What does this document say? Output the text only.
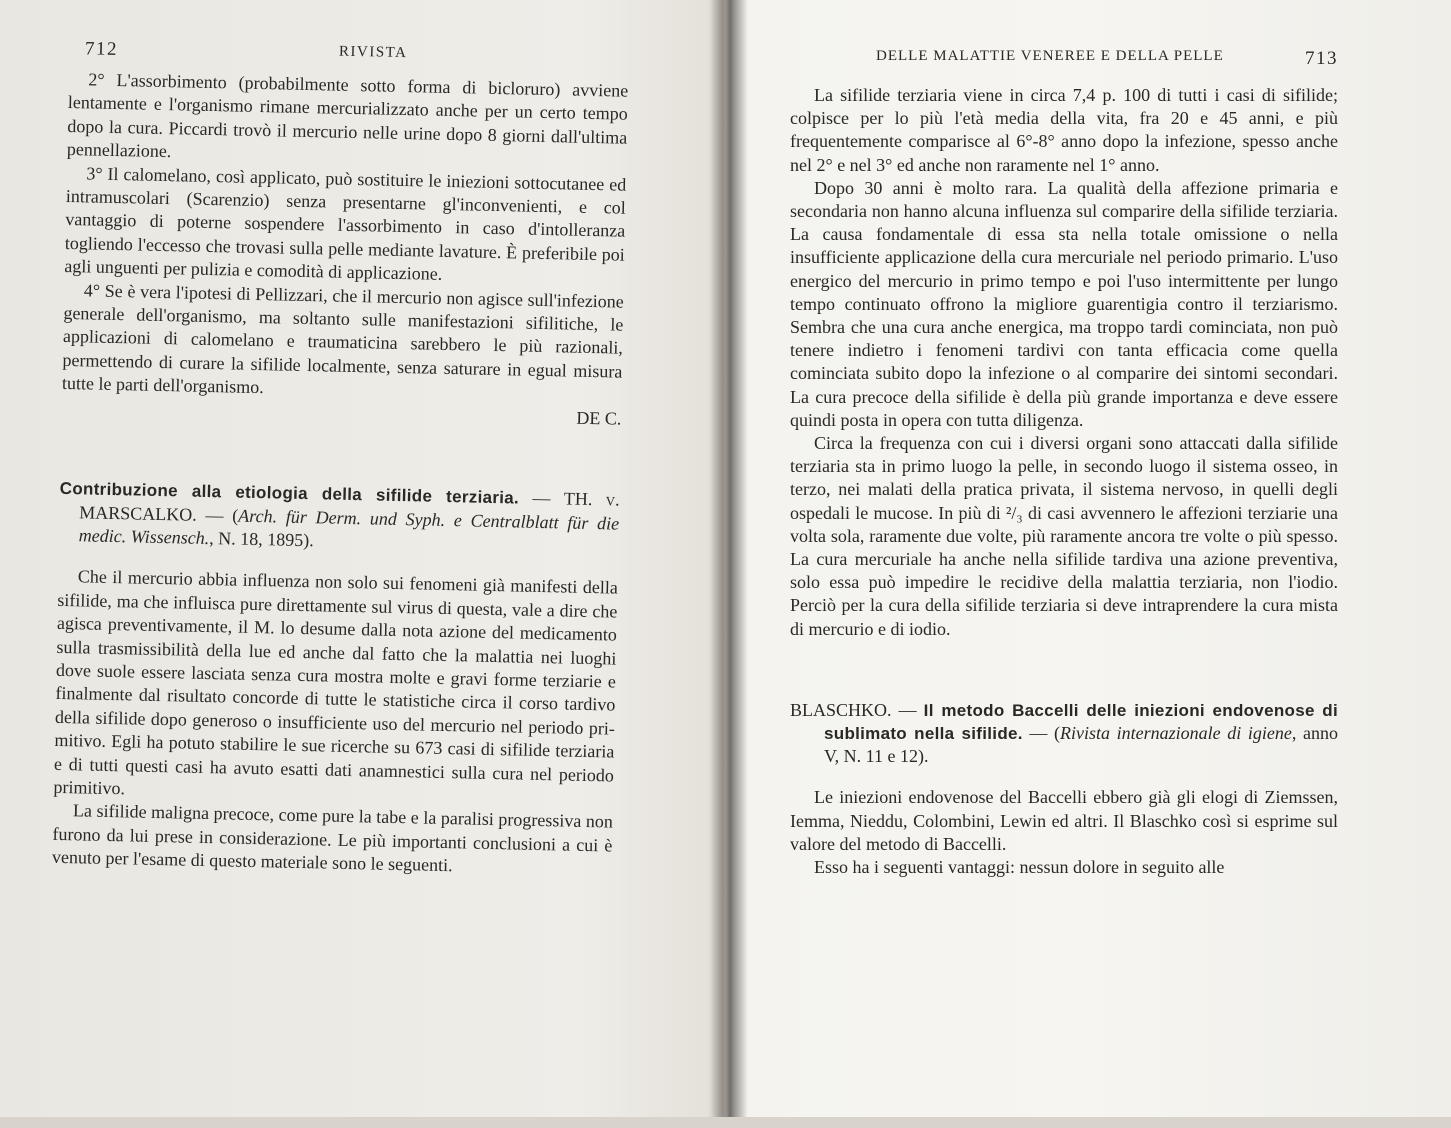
712	RIVISTA

2° L'assorbimento (probabilmente sotto forma di bicloruro) avviene lentamente e l'organismo rimane mercurializzato anche per un certo tempo dopo la cura. Piccardi trovò il mercurio nelle urine dopo 8 giorni dall'ultima pennellazione.

3° Il calomelano, così applicato, può sostituire le iniezioni sottocutanee ed intramuscolari (Scarenzio) senza presentarne gl'inconvenienti, e col vantaggio di poterne sospendere l'assorbimento in caso d'intolleranza togliendo l'eccesso che trovasi sulla pelle mediante lavature. È preferibile poi agli unguenti per pulizia e comodità di applicazione.

4° Se è vera l'ipotesi di Pellizzari, che il mercurio non agisce sull'infezione generale dell'organismo, ma soltanto sulle manifestazioni sifilitiche, le applicazioni di calomelano e traumaticina sarebbero le più razionali, permettendo di curare la sifilide localmente, senza saturare in egual misura tutte le parti dell'organismo.

DE C.

Contribuzione alla etiologia della sifilide terziaria. — TH. v. MARSCALKO. — (Arch. für Derm. und Syph. e Centralblatt für die medic. Wissensch., N. 18, 1895).

Che il mercurio abbia influenza non solo sui fenomeni già manifesti della sifilide, ma che influisca pure direttamente sul virus di questa, vale a dire che agisca preventivamente, il M. lo desume dalla nota azione del medicamento sulla trasmissibilità della lue ed anche dal fatto che la malattia nei luoghi dove suole essere lasciata senza cura mostra molte e gravi forme terziarie e finalmente dal risultato concorde di tutte le statistiche circa il corso tardivo della sifilide dopo generoso o insufficiente uso del mercurio nel periodo primitivo. Egli ha potuto stabilire le sue ricerche su 673 casi di sifilide terziaria e di tutti questi casi ha avuto esatti dati anamnestici sulla cura nel periodo primitivo.

La sifilide maligna precoce, come pure la tabe e la paralisi progressiva non furono da lui prese in considerazione. Le più importanti conclusioni a cui è venuto per l'esame di questo materiale sono le seguenti.

DELLE MALATTIE VENEREE E DELLA PELLE	713

La sifilide terziaria viene in circa 7,4 p. 100 di tutti i casi di sifilide; colpisce per lo più l'età media della vita, fra 20 e 45 anni, e più frequentemente comparisce al 6°-8° anno dopo la infezione, spesso anche nel 2° e nel 3° ed anche non raramente nel 1° anno.

Dopo 30 anni è molto rara. La qualità della affezione primaria e secondaria non hanno alcuna influenza sul comparire della sifilide terziaria. La causa fondamentale di essa sta nella totale omissione o nella insufficiente applicazione della cura mercuriale nel periodo primario. L'uso energico del mercurio in primo tempo e poi l'uso intermittente per lungo tempo continuato offrono la migliore guarentigia contro il terziarismo. Sembra che una cura anche energica, ma troppo tardi cominciata, non può tenere indietro i fenomeni tardivi con tanta efficacia come quella cominciata subito dopo la infezione o al comparire dei sintomi secondari. La cura precoce della sifilide è della più grande importanza e deve essere quindi posta in opera con tutta diligenza.

Circa la frequenza con cui i diversi organi sono attaccati dalla sifilide terziaria sta in primo luogo la pelle, in secondo luogo il sistema osseo, in terzo, nei malati della pratica privata, il sistema nervoso, in quelli degli ospedali le mucose. In più di ²/₃ di casi avvennero le affezioni terziarie una volta sola, raramente due volte, più raramente ancora tre volte o più spesso. La cura mercuriale ha anche nella sifilide tardiva una azione preventiva, solo essa può impedire le recidive della malattia terziaria, non l'iodio. Perciò per la cura della sifilide terziaria si deve intraprendere la cura mista di mercurio e di iodio.

BLASCHKO. — Il metodo Baccelli delle iniezioni endovenose di sublimato nella sifilide. — (Rivista internazionale di igiene, anno V, N. 11 e 12).

Le iniezioni endovenose del Baccelli ebbero già gli elogi di Ziemssen, Iemma, Nieddu, Colombini, Lewin ed altri. Il Blaschko così si esprime sul valore del metodo di Baccelli.

Esso ha i seguenti vantaggi: nessun dolore in seguito alle
